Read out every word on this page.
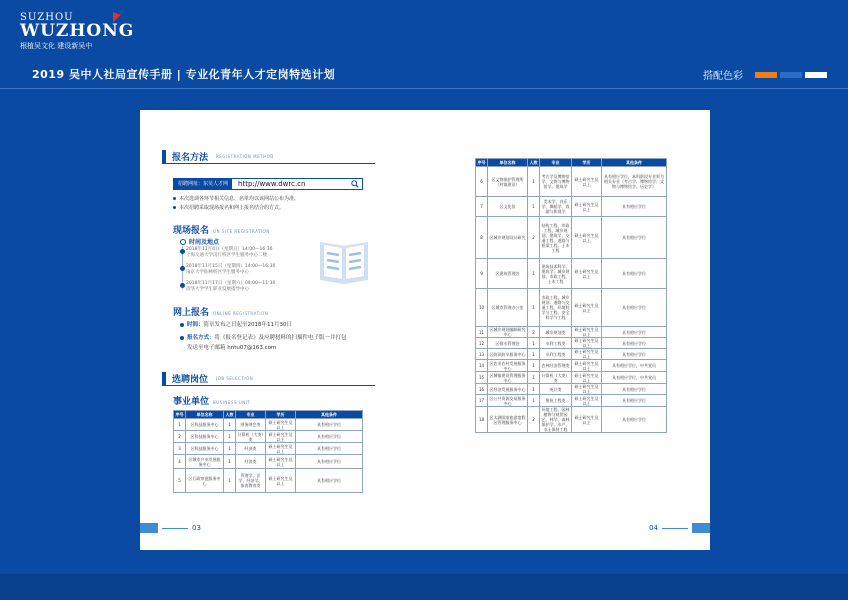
SUZHOU
WUZHONG
根植吴文化 建设新吴中
2019 吴中人社局宣传手册 | 专业化青年人才定岗特选计划	搭配色彩
报名方法 REGISTRATION METHOD
招聘网址：东吴人才网	http://www.dwrc.cn
本次选调各环节相关信息、名单均以该网站公布为准。
本次招聘采取现场报名和网上报名结合的方式。
现场报名 ON SITE REGISTRATION
时间及地点
2018年11月4日（星期日）14:00—16:30
上海交通大学闵行校区学生服务中心二楼
2018年11月15日（星期四）14:00—16:30
南京大学仙林校区学生服务中心
2018年11月17日（星期六）09:00—11:30
清华大学学生职业发展指导中心
网上报名 ONLINE REGISTRATION
时间：简章发布之日起至2018年11月30日
报名方式：将《报名登记表》及应聘材料的扫描件电子版一并打包
发送至电子邮箱 hntu07@163.com
选聘岗位 JOB SELECTION
事业单位 BUSINESS UNIT
序号	单位名称	人数	专业	学历	其他条件
1	区科技服务中心	1	财务财会类	硕士研究生及以上	具有相应学位
2	区科技服务中心	1	计算机（大类）类	硕士研究生及以上	具有相应学位
3	区科技服务中心	1	经济类	硕士研究生及以上	具有相应学位
4	区城市产业发展服务中心	1	经济类	硕士研究生及以上	具有相应学位
5	区行政审批服务中心	1	管理学、法学、经济学、体育教育类	硕士研究生及以上	具有相应学位
03
序号	单位名称	人数	专业	学历	其他条件
6	区文物保护管理所（村镇建设）	1	考古学及博物馆学、文物与博物馆学、建筑学	硕士研究生及以上	具有相应学位，本科阶段专业须为相关专业（考古学、博物馆学、文物与博物馆学、历史学）
7	区文化馆	1	美术学、音乐学、舞蹈学、戏剧与影视学	硕士研究生及以上	具有相应学位
8	区城乡规划设计研究	2	结构工程、市政工程、城乡规划、建筑学、交通工程、道路与桥梁工程、土木工程	硕士研究生及以上	具有相应学位
9	区建筑管理处	1	建筑技术科学、建筑学、城乡规划、市政工程、土木工程	硕士研究生及以上	具有相应学位
10	区城市管理办公室	1	市政工程、城乡规划、道路与交通工程、环境科学与工程、安全科学与工程	硕士研究生及以上	具有相应学位
11	区城乡规划编制研究中心	2	城乡规划类	硕士研究生及以上	具有相应学位
12	区排水管理处	1	水利工程类	硕士研究生及以上	具有相应学位
13	区防汛防旱服务中心	1	水利工程类	硕士研究生及以上	具有相应学位
14	区农业农村发展服务中心	1	农林经济管理类	硕士研究生及以上	具有相应学位，中共党员
15	区城镇建设管理服务中心	1	计算机（大类）类	硕士研究生及以上	具有相应学位，中共党员
16	区经济发展服务中心	1	统计类	硕士研究生及以上	具有相应学位
17	区公共资源交易服务中心	1	建筑工程类	硕士研究生及以上	具有相应学位
18	区太湖国家旅游度假区管理服务中心	2	环境工程、园林植物与观赏园艺、林学、森林保护学、水产、水土保持工程	硕士研究生及以上	具有相应学位
04
